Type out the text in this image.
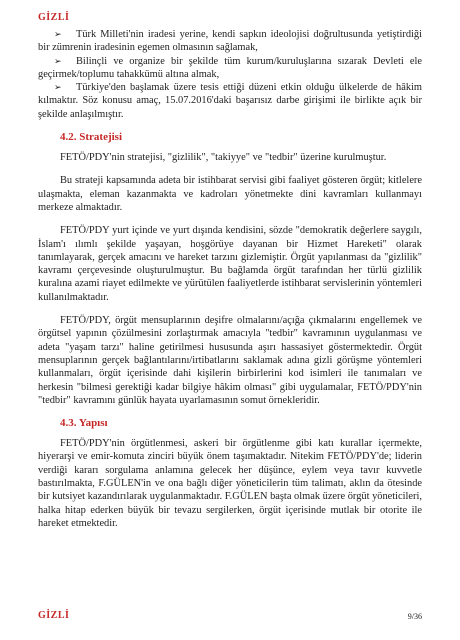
GİZLİ

➢ Türk Milleti'nin iradesi yerine, kendi sapkın ideolojisi doğrultusunda yetiştirdiği bir zümrenin iradesinin egemen olmasının sağlamak,

➢ Bilinçli ve organize bir şekilde tüm kurum/kuruluşlarına sızarak Devleti ele geçirmek/toplumu tahakkümü altına almak,

➢ Türkiye'den başlamak üzere tesis ettiği düzeni etkin olduğu ülkelerde de hâkim kılmaktır. Söz konusu amaç, 15.07.2016'daki başarısız darbe girişimi ile birlikte açık bir şekilde anlaşılmıştır.

4.2. Stratejisi

FETÖ/PDY'nin stratejisi, "gizlilik", "takiyye" ve "tedbir" üzerine kurulmuştur.

Bu strateji kapsamında adeta bir istihbarat servisi gibi faaliyet gösteren örgüt; kitlelere ulaşmakta, eleman kazanmakta ve kadroları yönetmekte dini kavramları kullanmayı merkeze almaktadır.

FETÖ/PDY yurt içinde ve yurt dışında kendisini, sözde "demokratik değerlere saygılı, İslam'ı ılımlı şekilde yaşayan, hoşgörüye dayanan bir Hizmet Hareketi" olarak tanımlayarak, gerçek amacını ve hareket tarzını gizlemiştir. Örgüt yapılanması da "gizlilik" kavramı çerçevesinde oluşturulmuştur. Bu bağlamda örgüt tarafından her türlü gizlilik kuralına azami riayet edilmekte ve yürütülen faaliyetlerde istihbarat servislerinin yöntemleri kullanılmaktadır.

FETÖ/PDY, örgüt mensuplarının deşifre olmalarını/açığa çıkmalarını engellemek ve örgütsel yapının çözülmesini zorlaştırmak amacıyla "tedbir" kavramının uygulanması ve adeta "yaşam tarzı" haline getirilmesi hususunda aşırı hassasiyet göstermektedir. Örgüt mensuplarının gerçek bağlantılarını/irtibatlarını saklamak adına gizli görüşme yöntemleri kullanmaları, örgüt içerisinde dahi kişilerin birbirlerini kod isimleri ile tanımaları ve herkesin "bilmesi gerektiği kadar bilgiye hâkim olması" gibi uygulamalar, FETÖ/PDY'nin "tedbir" kavramını günlük hayata uyarlamasının somut örnekleridir.

4.3. Yapısı

FETÖ/PDY'nin örgütlenmesi, askeri bir örgütlenme gibi katı kurallar içermekte, hiyerarşi ve emir-komuta zinciri büyük önem taşımaktadır. Nitekim FETÖ/PDY'de; liderin verdiği kararı sorgulama anlamına gelecek her düşünce, eylem veya tavır kuvvetle bastırılmakta, F.GÜLEN'in ve ona bağlı diğer yöneticilerin tüm talimatı, aklın da ötesinde bir kutsiyet kazandırılarak uygulanmaktadır. F.GÜLEN başta olmak üzere örgüt yöneticileri, halka hitap ederken büyük bir tevazu sergilerken, örgüt içerisinde mutlak bir otorite ile hareket etmektedir.

GİZLİ	9/36
